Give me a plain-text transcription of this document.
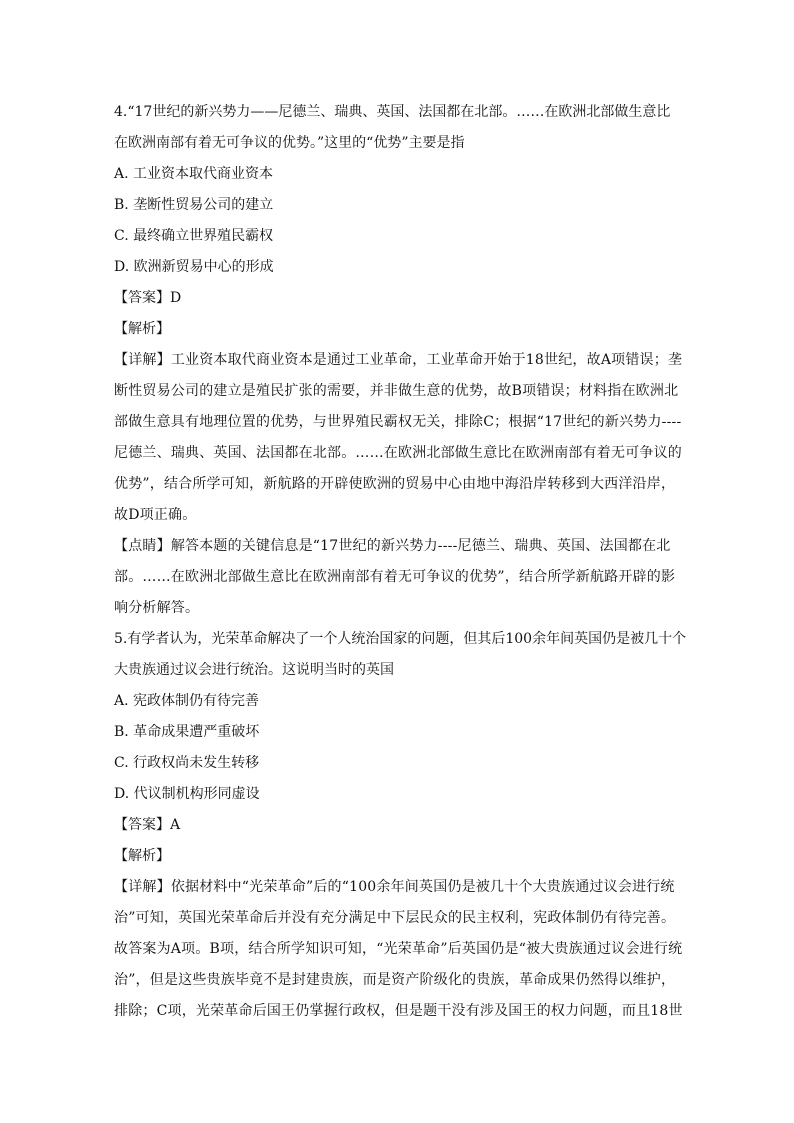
4.“17世纪的新兴势力——尼德兰、瑞典、英国、法国都在北部。……在欧洲北部做生意比
在欧洲南部有着无可争议的优势。”这里的“优势”主要是指
A. 工业资本取代商业资本
B. 垄断性贸易公司的建立
C. 最终确立世界殖民霸权
D. 欧洲新贸易中心的形成
【答案】D
【解析】
【详解】工业资本取代商业资本是通过工业革命，工业革命开始于18世纪，故A项错误；垄断性贸易公司的建立是殖民扩张的需要，并非做生意的优势，故B项错误；材料指在欧洲北部做生意具有地理位置的优势，与世界殖民霸权无关，排除C；根据“17世纪的新兴势力----尼德兰、瑞典、英国、法国都在北部。……在欧洲北部做生意比在欧洲南部有着无可争议的优势”，结合所学可知，新航路的开辟使欧洲的贸易中心由地中海沿岸转移到大西洋沿岸，故D项正确。
【点睛】解答本题的关键信息是“17世纪的新兴势力----尼德兰、瑞典、英国、法国都在北部。……在欧洲北部做生意比在欧洲南部有着无可争议的优势”，结合所学新航路开辟的影响分析解答。
5.有学者认为，光荣革命解决了一个人统治国家的问题，但其后100余年间英国仍是被几十个
大贵族通过议会进行统治。这说明当时的英国
A. 宪政体制仍有待完善
B. 革命成果遭严重破坏
C. 行政权尚未发生转移
D. 代议制机构形同虚设
【答案】A
【解析】
【详解】依据材料中“光荣革命”后的“100余年间英国仍是被几十个大贵族通过议会进行统治”可知，英国光荣革命后并没有充分满足中下层民众的民主权利，宪政体制仍有待完善。故答案为A项。B项，结合所学知识可知，“光荣革命”后英国仍是“被大贵族通过议会进行统治”，但是这些贵族毕竟不是封建贵族，而是资产阶级化的贵族，革命成果仍然得以维护，排除；C项，光荣革命后国王仍掌握行政权，但是题干没有涉及国王的权力问题，而且18世
